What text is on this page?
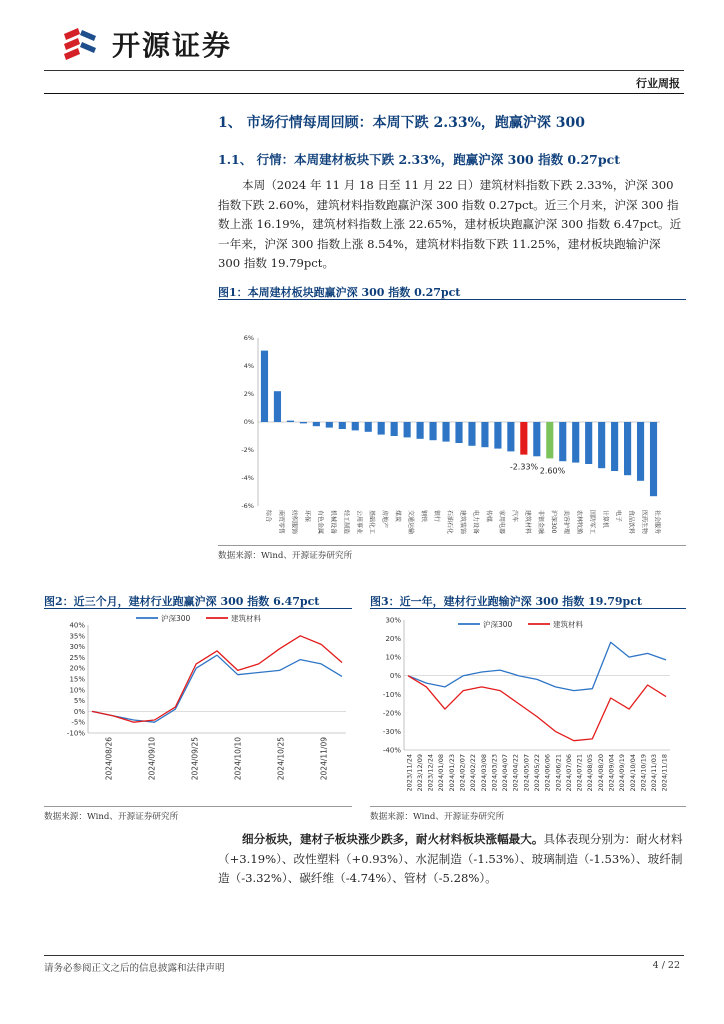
开源证券
行业周报
1、 市场行情每周回顾：本周下跌 2.33%，跑赢沪深 300
1.1、 行情：本周建材板块下跌 2.33%，跑赢沪深 300 指数 0.27pct

本周（2024 年 11 月 18 日至 11 月 22 日）建筑材料指数下跌 2.33%，沪深 300 指数下跌 2.60%，建筑材料指数跑赢沪深 300 指数 0.27pct。近三个月来，沪深 300 指数上涨 16.19%，建筑材料指数上涨 22.65%，建材板块跑赢沪深 300 指数 6.47pct。近一年来，沪深 300 指数上涨 8.54%，建筑材料指数下跌 11.25%，建材板块跑输沪深 300 指数 19.79pct。

图1：本周建材板块跑赢沪深 300 指数 0.27pct
6%
4%
2%
0%
-2%
-4%
-6%
综合 商贸零售 纺织服饰 环保 有色金属 机械设备 轻工制造 公用事业 基础化工 房地产 煤炭 交通运输 钢铁 银行 石油石化 建筑装饰 电力设备 传媒 家用电器 汽车 建筑材料 非银金融 沪深300 美容护理 农林牧渔 国防军工 计算机 电子 食品饮料 医药生物 社会服务
-2.33% 2.60%
数据来源：Wind、开源证券研究所
图2：近三个月，建材行业跑赢沪深 300 指数 6.47pct
40%
35%
30%
25%
20%
15%
10%
5%
0%
-5%
-10%
2024/08/26	2024/09/10	2024/09/25	2024/10/10	2024/10/25	2024/11/09
沪深300	建筑材料
数据来源：Wind、开源证券研究所
图3：近一年，建材行业跑输沪深 300 指数 19.79pct
30%
20%
10%
0%
-10%
-20%
-30%
-40%
2023/11/24 2023/12/09 2023/12/24 2024/01/08 2024/01/23 2024/02/07 2024/02/22 2024/03/08 2024/03/23 2024/04/07 2024/04/22 2024/05/07 2024/05/22 2024/06/06 2024/06/21 2024/07/06 2024/07/21 2024/08/05 2024/08/20 2024/09/04 2024/09/19 2024/10/04 2024/10/19 2024/11/03 2024/11/18
沪深300	建筑材料
数据来源：Wind、开源证券研究所

细分板块，建材子板块涨少跌多，耐火材料板块涨幅最大。具体表现分别为：耐火材料（+3.19%）、改性塑料（+0.93%）、水泥制造（-1.53%）、玻璃制造（-1.53%）、玻纤制造（-3.32%）、碳纤维（-4.74%）、管材（-5.28%）。

请务必参阅正文之后的信息披露和法律声明	4 / 22
